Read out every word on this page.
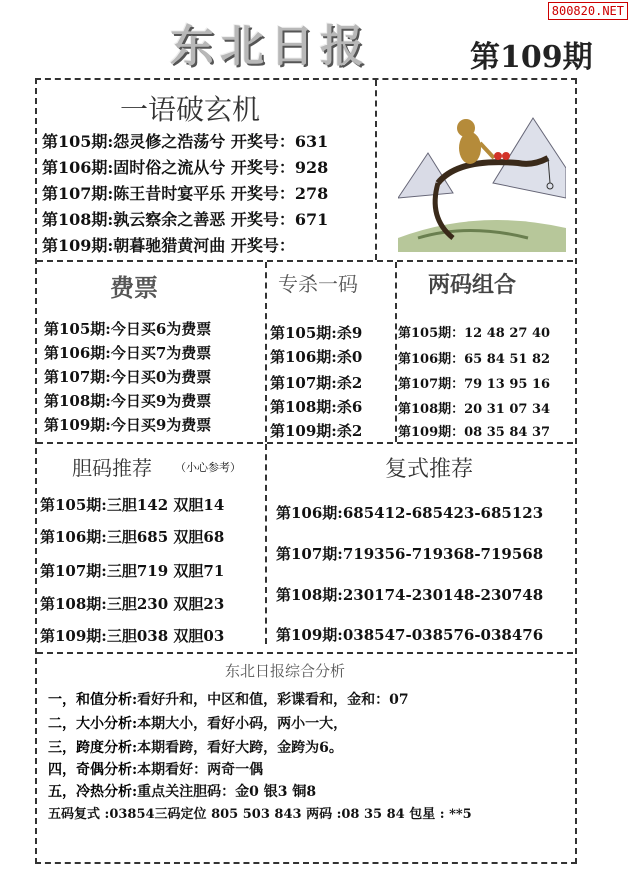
800820.NET
东北日报	第109期
一语破玄机
第105期:怨灵修之浩荡兮 开奖号：631
第106期:固时俗之流从兮 开奖号：928
第107期:陈王昔时宴平乐 开奖号：278
第108期:孰云察余之善恶 开奖号：671
第109期:朝暮驰猎黄河曲 开奖号：
费票
第105期:今日买6为费票
第106期:今日买7为费票
第107期:今日买0为费票
第108期:今日买9为费票
第109期:今日买9为费票
专杀一码
第105期:杀9
第106期:杀0
第107期:杀2
第108期:杀6
第109期:杀2
两码组合
第105期：12 48 27 40
第106期：65 84 51 82
第107期：79 13 95 16
第108期：20 31 07 34
第109期：08 35 84 37
胆码推荐 （小心参考）
第105期:三胆142 双胆14
第106期:三胆685 双胆68
第107期:三胆719 双胆71
第108期:三胆230 双胆23
第109期:三胆038 双胆03
复式推荐
第106期:685412-685423-685123
第107期:719356-719368-719568
第108期:230174-230148-230748
第109期:038547-038576-038476
东北日报综合分析
一，和值分析:看好升和，中区和值，彩谍看和，金和：07
二，大小分析:本期大小，看好小码，两小一大，
三，跨度分析:本期看跨，看好大跨，金跨为6。
四，奇偶分析:本期看好：两奇一偶
五，冷热分析:重点关注胆码：金0 银3 铜8
五码复式 :03854三码定位 805 503 843 两码 :08 35 84 包星 : **5
